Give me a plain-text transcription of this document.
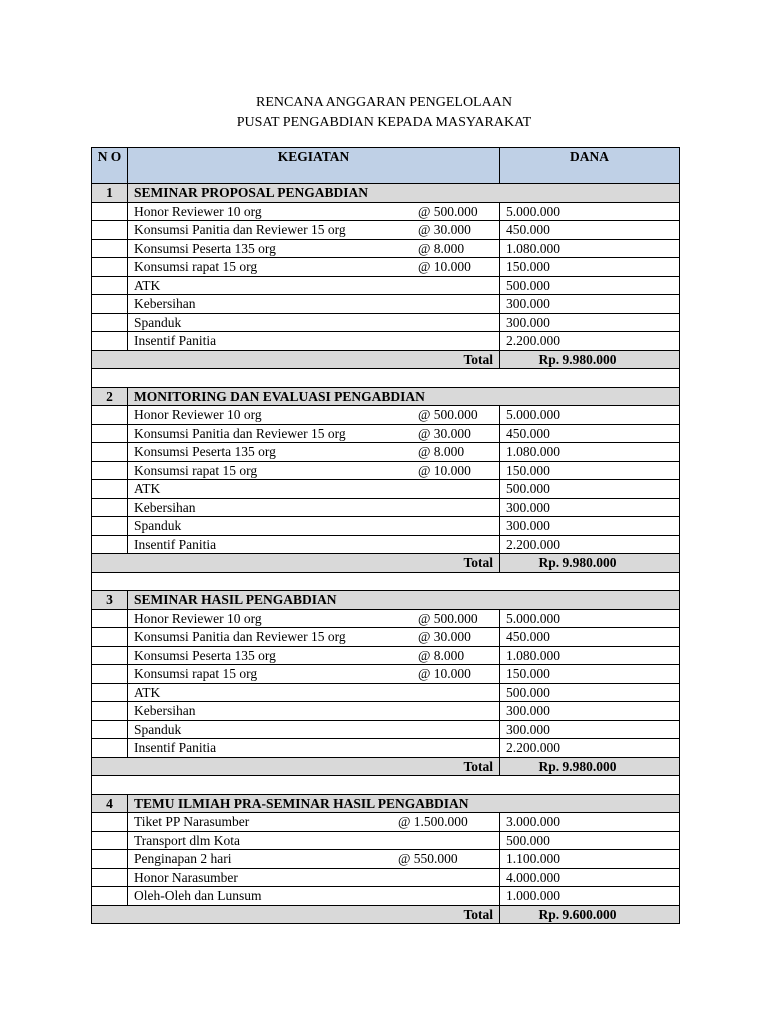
RENCANA ANGGARAN PENGELOLAAN
PUSAT PENGABDIAN KEPADA MASYARAKAT
N O	KEGIATAN	DANA
1	SEMINAR PROPOSAL PENGABDIAN	
	Honor Reviewer 10 org @ 500.000	5.000.000
	Konsumsi Panitia dan Reviewer 15 org @ 30.000	450.000
	Konsumsi Peserta 135 org @ 8.000	1.080.000
	Konsumsi rapat 15 org @ 10.000	150.000
	ATK	500.000
	Kebersihan	300.000
	Spanduk	300.000
	Insentif Panitia	2.200.000
Total		Rp. 9.980.000

2	MONITORING DAN EVALUASI PENGABDIAN	
	Honor Reviewer 10 org @ 500.000	5.000.000
	Konsumsi Panitia dan Reviewer 15 org @ 30.000	450.000
	Konsumsi Peserta 135 org @ 8.000	1.080.000
	Konsumsi rapat 15 org @ 10.000	150.000
	ATK	500.000
	Kebersihan	300.000
	Spanduk	300.000
	Insentif Panitia	2.200.000
Total		Rp. 9.980.000

3	SEMINAR HASIL PENGABDIAN	
	Honor Reviewer 10 org @ 500.000	5.000.000
	Konsumsi Panitia dan Reviewer 15 org @ 30.000	450.000
	Konsumsi Peserta 135 org @ 8.000	1.080.000
	Konsumsi rapat 15 org @ 10.000	150.000
	ATK	500.000
	Kebersihan	300.000
	Spanduk	300.000
	Insentif Panitia	2.200.000
Total		Rp. 9.980.000

4	TEMU ILMIAH PRA-SEMINAR HASIL PENGABDIAN	
	Tiket PP Narasumber @ 1.500.000	3.000.000
	Transport dlm Kota	500.000
	Penginapan 2 hari @ 550.000	1.100.000
	Honor Narasumber	4.000.000
	Oleh-Oleh dan Lunsum	1.000.000
Total		Rp. 9.600.000
